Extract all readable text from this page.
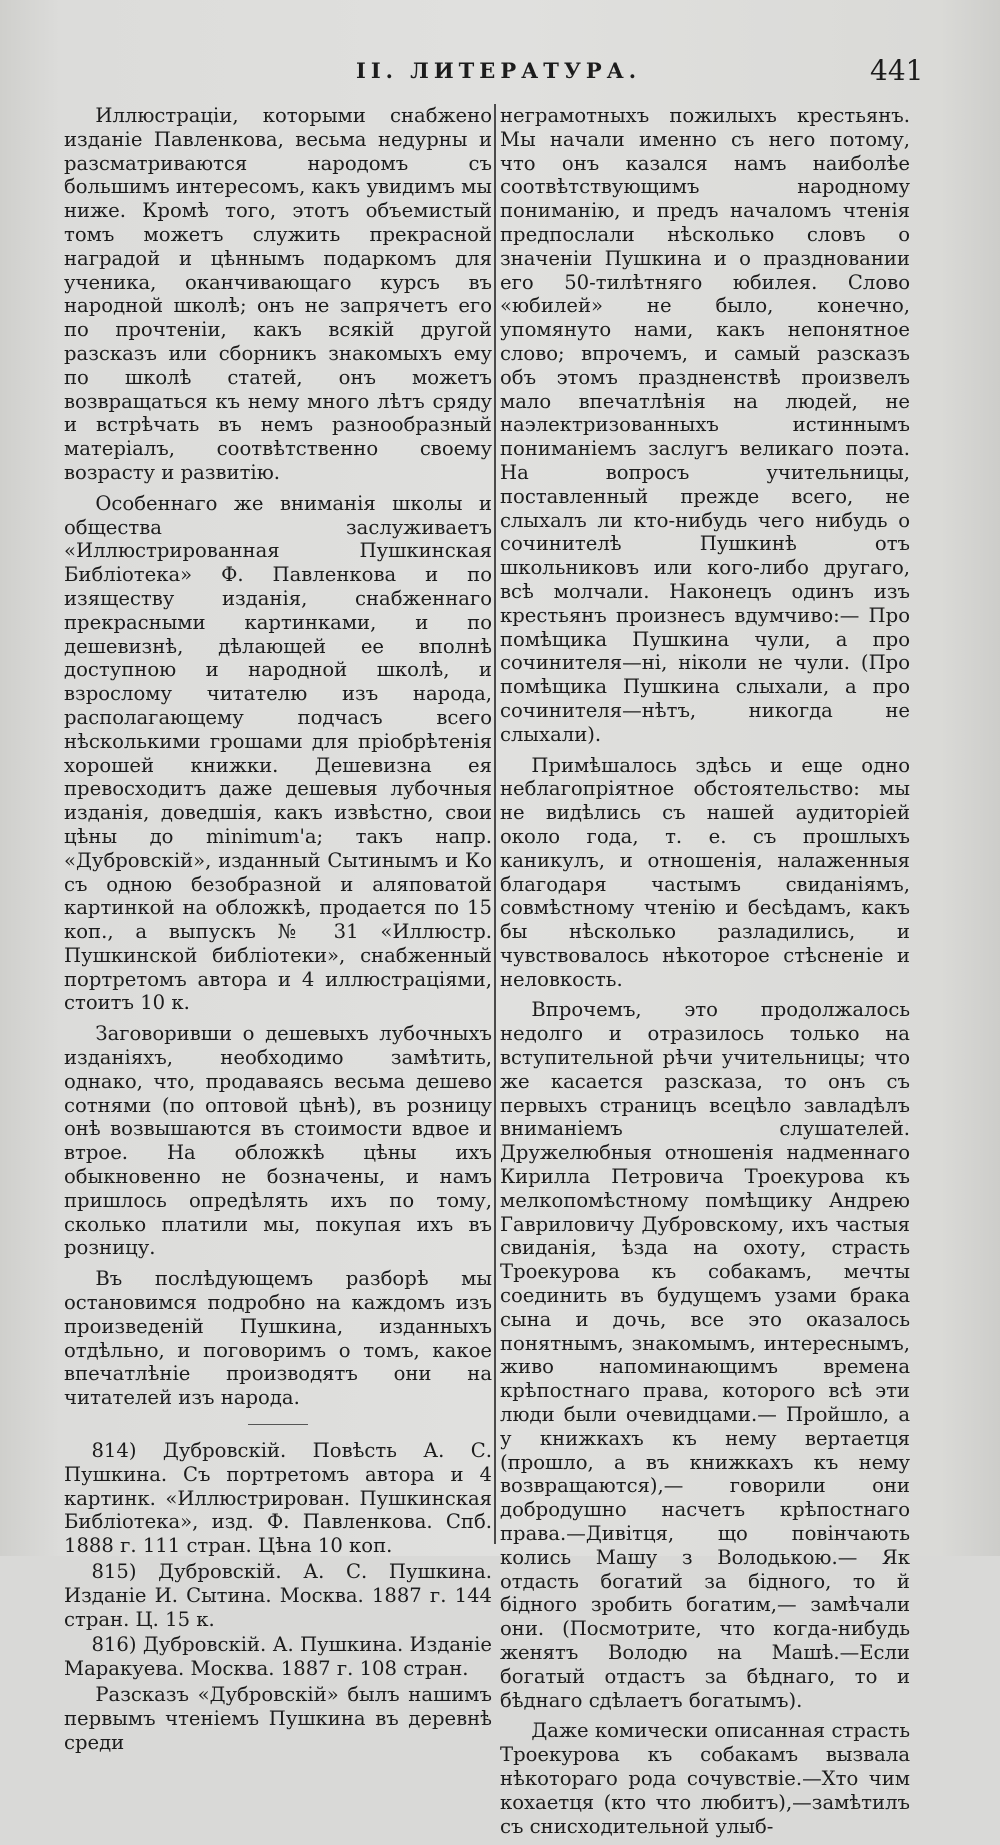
II. ЛИТЕРАТУРА.	441

Иллюстраціи, которыми снабжено изданіе Павленкова, весьма недурны и разсматриваются народомъ съ большимъ интересомъ, какъ увидимъ мы ниже. Кромѣ того, этотъ объемистый томъ можетъ служить прекрасной наградой и цѣннымъ подаркомъ для ученика, оканчивающаго курсъ въ народной школѣ; онъ не запрячетъ его по прочтеніи, какъ всякій другой разсказъ или сборникъ знакомыхъ ему по школѣ статей, онъ можетъ возвращаться къ нему много лѣтъ сряду и встрѣчать въ немъ разнообразный матеріалъ, соотвѣтственно своему возрасту и развитію.

Особеннаго же вниманія школы и общества заслуживаетъ «Иллюстрированная Пушкинская Библіотека» Ф. Павленкова и по изяществу изданія, снабженнаго прекрасными картинками, и по дешевизнѣ, дѣлающей ее вполнѣ доступною и народной школѣ, и взрослому читателю изъ народа, располагающему подчасъ всего нѣсколькими грошами для пріобрѣтенія хорошей книжки. Дешевизна ея превосходитъ даже дешевыя лубочныя изданія, доведшія, какъ извѣстно, свои цѣны до minimum'а; такъ напр. «Дубровскій», изданный Сытинымъ и Ко съ одною безобразной и аляповатой картинкой на обложкѣ, продается по 15 коп., а выпускъ № 31 «Иллюстр. Пушкинской библіотеки», снабженный портретомъ автора и 4 иллюстраціями, стоитъ 10 к.

Заговоривши о дешевыхъ лубочныхъ изданіяхъ, необходимо замѣтить, однако, что, продаваясь весьма дешево сотнями (по оптовой цѣнѣ), въ розницу онѣ возвышаются въ стоимости вдвое и втрое. На обложкѣ цѣны ихъ обыкновенно не бозначены, и намъ пришлось опредѣлять ихъ по тому, сколько платили мы, покупая ихъ въ розницу.

Въ послѣдующемъ разборѣ мы остановимся подробно на каждомъ изъ произведеній Пушкина, изданныхъ отдѣльно, и поговоримъ о томъ, какое впечатлѣніе производятъ они на читателей изъ народа.

814) Дубровскій. Повѣсть А. С. Пушкина. Съ портретомъ автора и 4 картинк. «Иллюстрирован. Пушкинская Библіотека», изд. Ф. Павленкова. Спб. 1888 г. 111 стран. Цѣна 10 коп.

815) Дубровскій. А. С. Пушкина. Изданіе И. Сытина. Москва. 1887 г. 144 стран. Ц. 15 к.

816) Дубровскій. А. Пушкина. Изданіе Маракуева. Москва. 1887 г. 108 стран.

Разсказъ «Дубровскій» былъ нашимъ первымъ чтеніемъ Пушкина въ деревнѣ среди

неграмотныхъ пожилыхъ крестьянъ. Мы начали именно съ него потому, что онъ казался намъ наиболѣе соотвѣтствующимъ народному пониманію, и предъ началомъ чтенія предпослали нѣсколько словъ о значеніи Пушкина и о праздновании его 50-тилѣтняго юбилея. Слово «юбилей» не было, конечно, упомянуто нами, какъ непонятное слово; впрочемъ, и самый разсказъ объ этомъ праздненствѣ произвелъ мало впечатлѣнія на людей, не наэлектризованныхъ истиннымъ пониманіемъ заслугъ великаго поэта. На вопросъ учительницы, поставленный прежде всего, не слыхалъ ли кто-нибудь чего нибудь о сочинителѣ Пушкинѣ отъ школьниковъ или кого-либо другаго, всѣ молчали. Наконецъ одинъ изъ крестьянъ произнесъ вдумчиво:— Про помѣщика Пушкина чули, а про сочинителя—нi, нiколи не чули. (Про помѣщика Пушкина слыхали, а про сочинителя—нѣтъ, никогда не слыхали).

Примѣшалось здѣсь и еще одно неблагопріятное обстоятельство: мы не видѣлись съ нашей аудиторіей около года, т. е. съ прошлыхъ каникулъ, и отношенія, налаженныя благодаря частымъ свиданіямъ, совмѣстному чтенію и бесѣдамъ, какъ бы нѣсколько разладились, и чувствовалось нѣкоторое стѣсненіе и неловкость.

Впрочемъ, это продолжалось недолго и отразилось только на вступительной рѣчи учительницы; что же касается разсказа, то онъ съ первыхъ страницъ всецѣло завладѣлъ вниманіемъ слушателей. Дружелюбныя отношенія надменнаго Кирилла Петровича Троекурова къ мелкопомѣстному помѣщику Андрею Гавриловичу Дубровскому, ихъ частыя свиданія, ѣзда на охоту, страсть Троекурова къ собакамъ, мечты соединить въ будущемъ узами брака сына и дочь, все это оказалось понятнымъ, знакомымъ, интереснымъ, живо напоминающимъ времена крѣпостнаго права, которого всѣ эти люди были очевидцами.— Пройшло, а у книжкахъ къ нему вертаетця (прошло, а въ книжкахъ къ нему возвращаются),— говорили они добродушно насчетъ крѣпостнаго права.—Дивітця, що повінчають колись Машу з Володькою.— Як отдасть богатий за бідного, то й бідного зробить богатим,— замѣчали они. (Посмотрите, что когда-нибудь женятъ Володю на Машѣ.—Если богатый отдастъ за бѣднаго, то и бѣднаго сдѣлаетъ богатымъ).

Даже комически описанная страсть Троекурова къ собакамъ вызвала нѣкотораго рода сочувствіе.—Хто чим кохаетця (кто что любитъ),—замѣтилъ съ снисходительной улыб-
